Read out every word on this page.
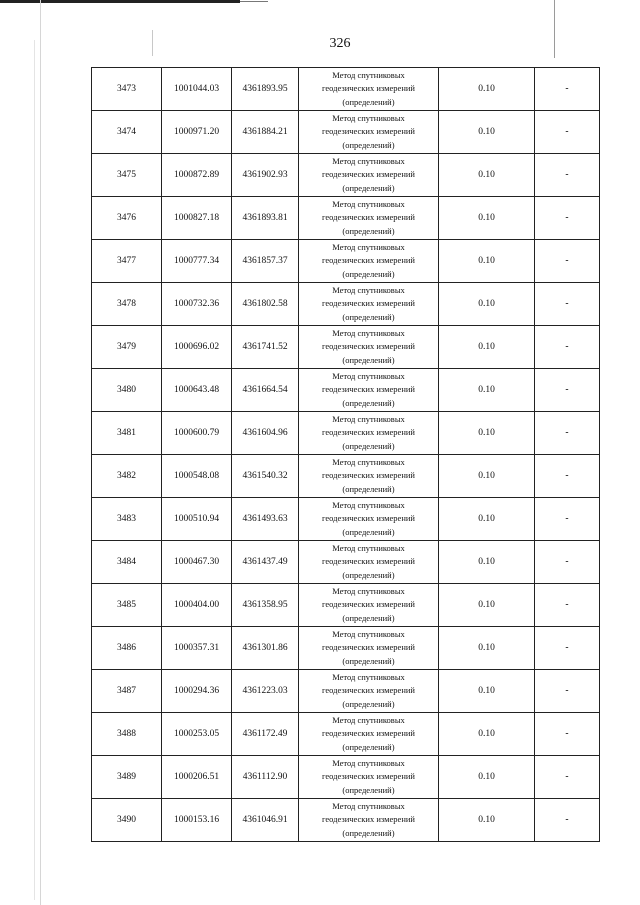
326
3473	1001044.03	4361893.95	Метод спутниковых
геодезических измерений
(определений)	0.10	-
3474	1000971.20	4361884.21	Метод спутниковых
геодезических измерений
(определений)	0.10	-
3475	1000872.89	4361902.93	Метод спутниковых
геодезических измерений
(определений)	0.10	-
3476	1000827.18	4361893.81	Метод спутниковых
геодезических измерений
(определений)	0.10	-
3477	1000777.34	4361857.37	Метод спутниковых
геодезических измерений
(определений)	0.10	-
3478	1000732.36	4361802.58	Метод спутниковых
геодезических измерений
(определений)	0.10	-
3479	1000696.02	4361741.52	Метод спутниковых
геодезических измерений
(определений)	0.10	-
3480	1000643.48	4361664.54	Метод спутниковых
геодезических измерений
(определений)	0.10	-
3481	1000600.79	4361604.96	Метод спутниковых
геодезических измерений
(определений)	0.10	-
3482	1000548.08	4361540.32	Метод спутниковых
геодезических измерений
(определений)	0.10	-
3483	1000510.94	4361493.63	Метод спутниковых
геодезических измерений
(определений)	0.10	-
3484	1000467.30	4361437.49	Метод спутниковых
геодезических измерений
(определений)	0.10	-
3485	1000404.00	4361358.95	Метод спутниковых
геодезических измерений
(определений)	0.10	-
3486	1000357.31	4361301.86	Метод спутниковых
геодезических измерений
(определений)	0.10	-
3487	1000294.36	4361223.03	Метод спутниковых
геодезических измерений
(определений)	0.10	-
3488	1000253.05	4361172.49	Метод спутниковых
геодезических измерений
(определений)	0.10	-
3489	1000206.51	4361112.90	Метод спутниковых
геодезических измерений
(определений)	0.10	-
3490	1000153.16	4361046.91	Метод спутниковых
геодезических измерений
(определений)	0.10	-
